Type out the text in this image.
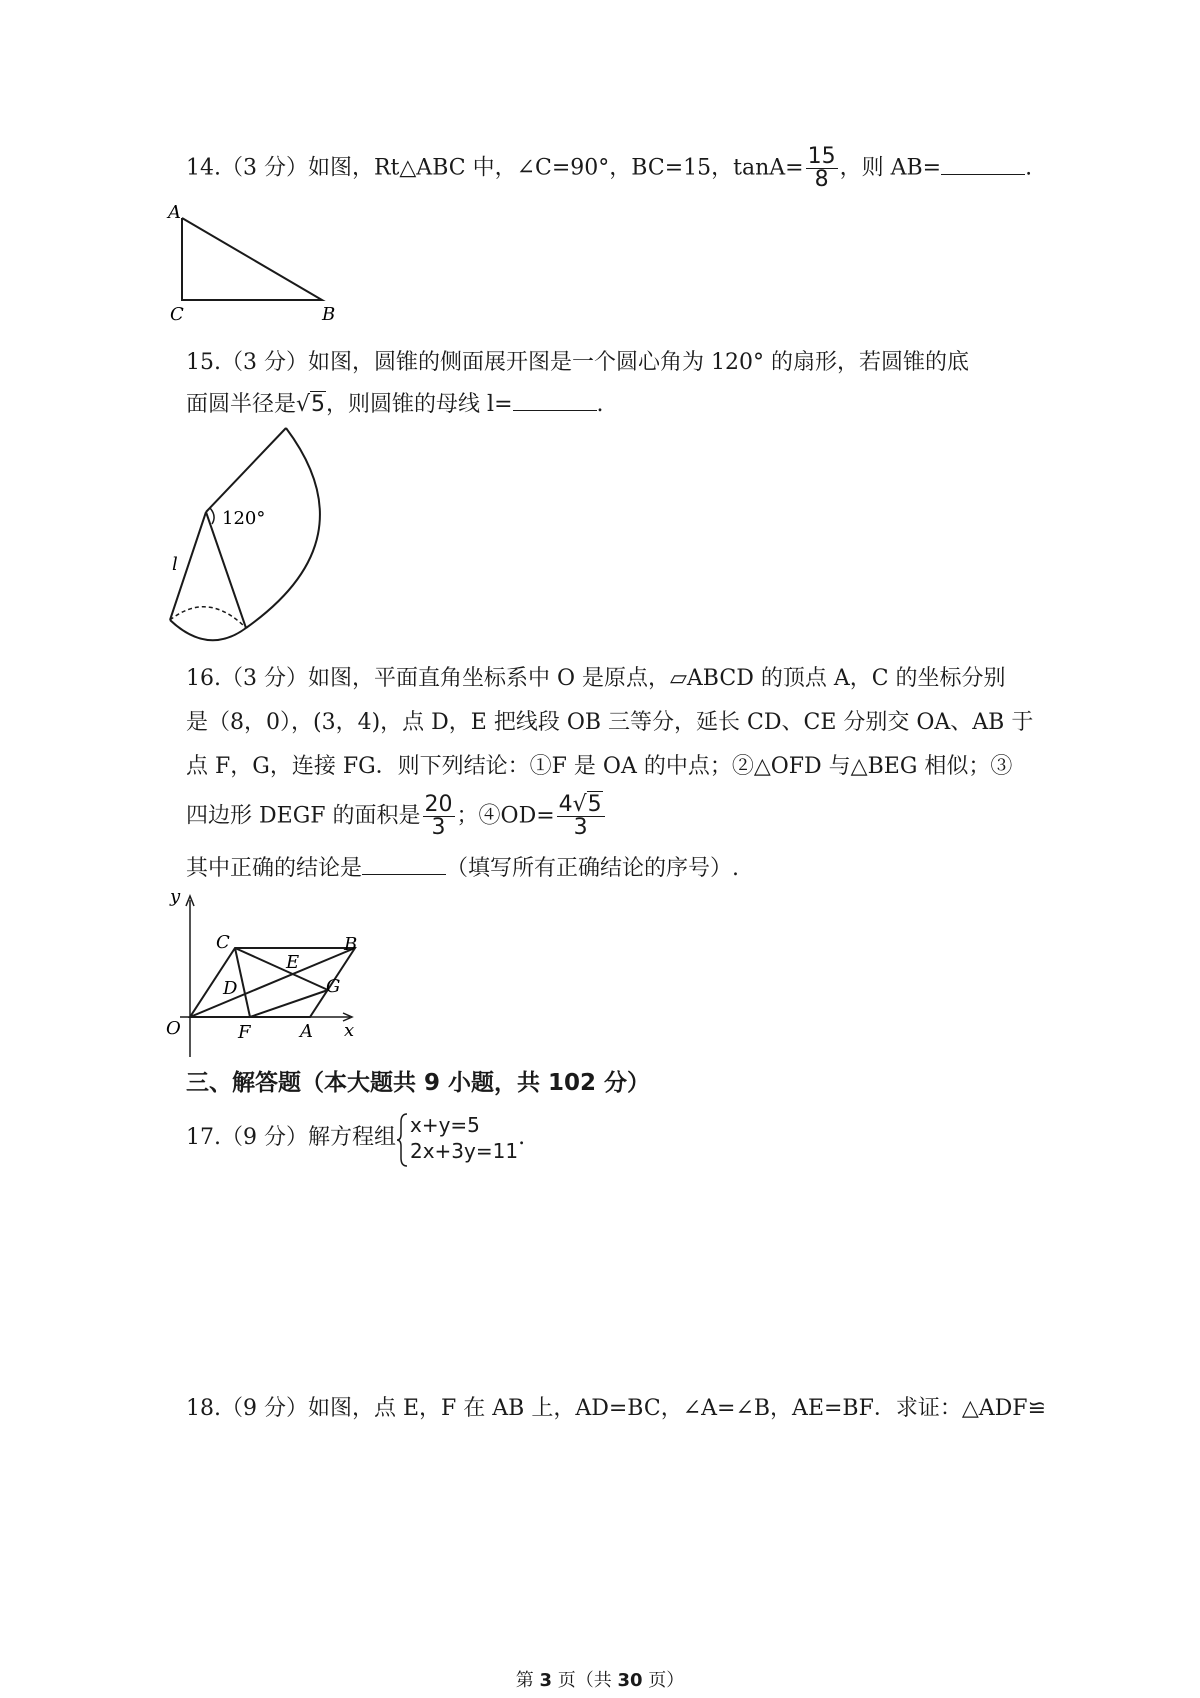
14.（3 分）如图，Rt△ABC 中，∠C=90°，BC=15，$\tan A= \frac{15}{8}$ ，则 AB=	.
A
C	B
15.（3 分）如图，圆锥的侧面展开图是一个圆心角为 120° 的扇形，若圆锥的底
面圆半径是√5，则圆锥的母线 l=	.
120°
l
16.（3 分）如图，平面直角坐标系中 O 是原点，▱ABCD 的顶点 A，C 的坐标分别
是（8，0），(3，4)，点 D，E 把线段 OB 三等分，延长 CD、CE 分别交 OA、AB 于
点 F，G，连接 FG．则下列结论：①F 是 OA 的中点；②△OFD 与△BEG 相似；③
四边形 DEGF 的面积是 $\frac{20}{3}$ ；④OD= $\frac{4√5}{3}$
其中正确的结论是	（填写所有正确结论的序号）.
y
x
O	A
B
C
D
E
F
G
三、解答题（本大题共 9 小题，共 102 分）
17.（9 分）解方程组 x+y=5
2x+3y=11
.
18.（9 分）如图，点 E，F 在 AB 上，AD=BC，∠A=∠B，AE=BF．求证：△ADF≌
第 3 页（共 30 页）
